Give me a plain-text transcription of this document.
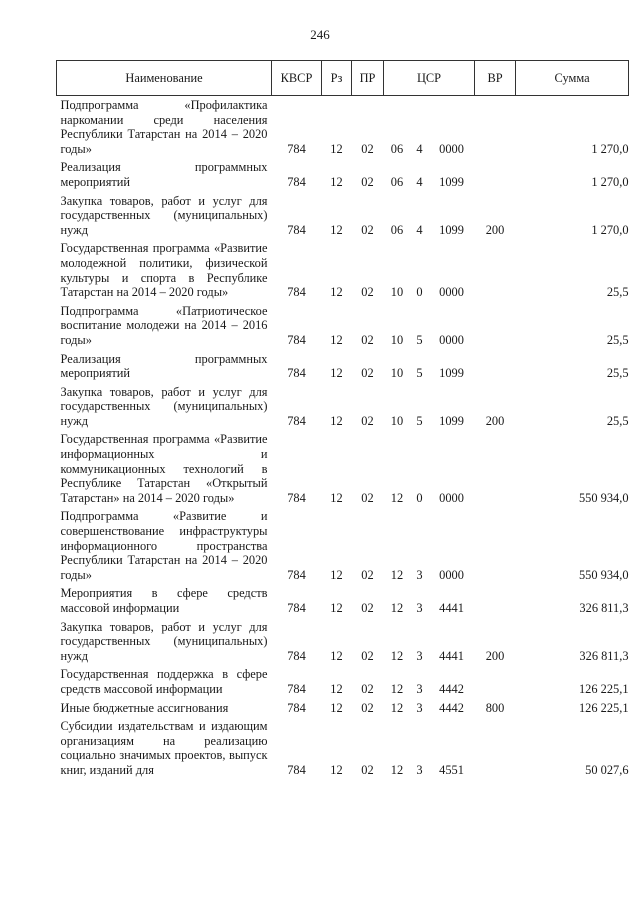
246
Наименование	КВСР	Рз	ПР	ЦСР			ВР	Сумма
Подпрограмма «Профилактика наркомании среди населения Республики Татарстан на 2014 – 2020 годы»	784	12	02	06	4	0000		1 270,0
Реализация программных мероприятий	784	12	02	06	4	1099		1 270,0
Закупка товаров, работ и услуг для государственных (муниципальных) нужд	784	12	02	06	4	1099	200	1 270,0
Государственная программа «Развитие молодежной политики, физической культуры и спорта в Республике Татарстан на 2014 – 2020 годы»	784	12	02	10	0	0000		25,5
Подпрограмма «Патриотическое воспитание молодежи на 2014 – 2016 годы»	784	12	02	10	5	0000		25,5
Реализация программных мероприятий	784	12	02	10	5	1099		25,5
Закупка товаров, работ и услуг для государственных (муниципальных) нужд	784	12	02	10	5	1099	200	25,5
Государственная программа «Развитие информационных и коммуникационных технологий в Республике Татарстан «Открытый Татарстан» на 2014 – 2020 годы»	784	12	02	12	0	0000		550 934,0
Подпрограмма «Развитие и совершенствование инфраструктуры информационного пространства Республики Татарстан на 2014 – 2020 годы»	784	12	02	12	3	0000		550 934,0
Мероприятия в сфере средств массовой информации	784	12	02	12	3	4441		326 811,3
Закупка товаров, работ и услуг для государственных (муниципальных) нужд	784	12	02	12	3	4441	200	326 811,3
Государственная поддержка в сфере средств массовой информации	784	12	02	12	3	4442		126 225,1
Иные бюджетные ассигнования	784	12	02	12	3	4442	800	126 225,1
Субсидии издательствам и издающим организациям на реализацию социально значимых проектов, выпуск книг, изданий для	784	12	02	12	3	4551		50 027,6
